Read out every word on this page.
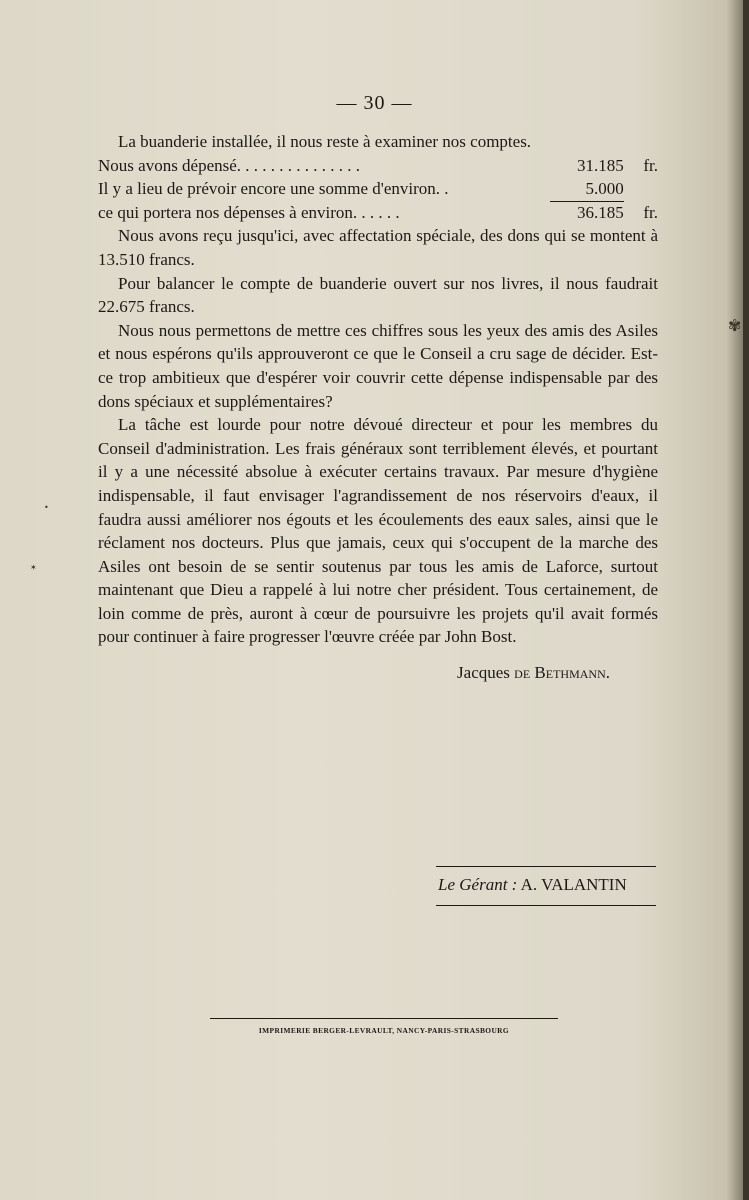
✾
•
✶
— 30 —

La buanderie installée, il nous reste à examiner nos comptes.

Nous avons dépensé. . . . . . . . . . . . . . .	31.185 fr.
Il y a lieu de prévoir encore une somme d'environ. .	5.000
ce qui portera nos dépenses à environ. . . . . .	36.185 fr.

Nous avons reçu jusqu'ici, avec affectation spéciale, des dons qui se montent à 13.510 francs.

Pour balancer le compte de buanderie ouvert sur nos livres, il nous faudrait 22.675 francs.

Nous nous permettons de mettre ces chiffres sous les yeux des amis des Asiles et nous espérons qu'ils approuveront ce que le Conseil a cru sage de décider. Est-ce trop ambitieux que d'espérer voir couvrir cette dépense indispensable par des dons spéciaux et supplémentaires?

La tâche est lourde pour notre dévoué directeur et pour les membres du Conseil d'administration. Les frais généraux sont terriblement élevés, et pourtant il y a une nécessité absolue à exécuter certains travaux. Par mesure d'hygiène indispensable, il faut envisager l'agrandissement de nos réservoirs d'eaux, il faudra aussi améliorer nos égouts et les écoulements des eaux sales, ainsi que le réclament nos docteurs. Plus que jamais, ceux qui s'occupent de la marche des Asiles ont besoin de se sentir soutenus par tous les amis de Laforce, surtout maintenant que Dieu a rappelé à lui notre cher président. Tous certainement, de loin comme de près, auront à cœur de poursuivre les projets qu'il avait formés pour continuer à faire progresser l'œuvre créée par John Bost.

Jacques de Bethmann.
Le Gérant : A. VALANTIN
IMPRIMERIE BERGER-LEVRAULT, NANCY-PARIS-STRASBOURG
